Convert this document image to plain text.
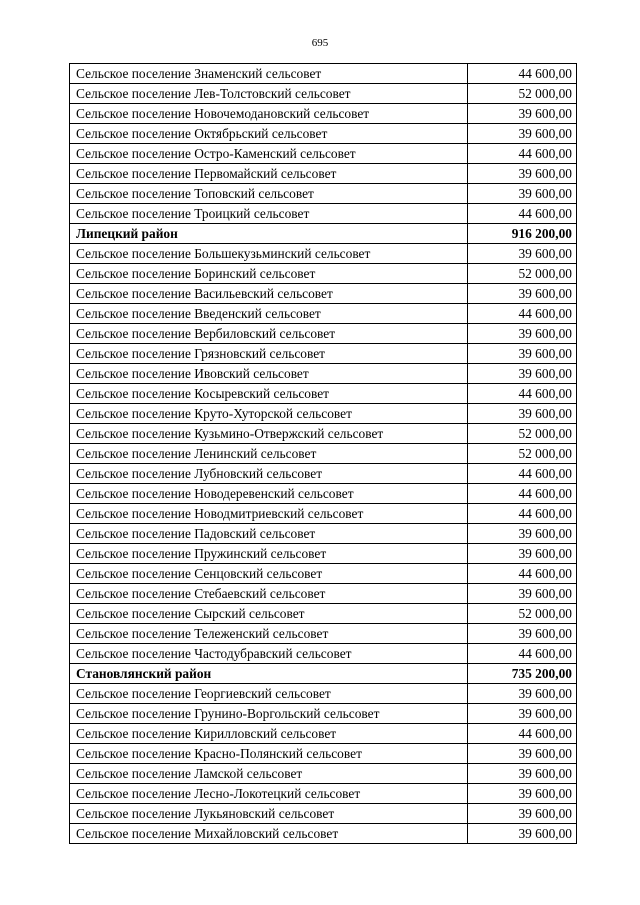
695
Сельское поселение Знаменский сельсовет	44 600,00
Сельское поселение Лев-Толстовский сельсовет	52 000,00
Сельское поселение Новочемодановский сельсовет	39 600,00
Сельское поселение Октябрьский сельсовет	39 600,00
Сельское поселение Остро-Каменский сельсовет	44 600,00
Сельское поселение Первомайский сельсовет	39 600,00
Сельское поселение Топовский сельсовет	39 600,00
Сельское поселение Троицкий сельсовет	44 600,00
Липецкий район	916 200,00
Сельское поселение Большекузьминский сельсовет	39 600,00
Сельское поселение Боринский сельсовет	52 000,00
Сельское поселение Васильевский сельсовет	39 600,00
Сельское поселение Введенский сельсовет	44 600,00
Сельское поселение Вербиловский сельсовет	39 600,00
Сельское поселение Грязновский сельсовет	39 600,00
Сельское поселение Ивовский сельсовет	39 600,00
Сельское поселение Косыревский сельсовет	44 600,00
Сельское поселение Круто-Хуторской сельсовет	39 600,00
Сельское поселение Кузьмино-Отвержский сельсовет	52 000,00
Сельское поселение Ленинский сельсовет	52 000,00
Сельское поселение Лубновский сельсовет	44 600,00
Сельское поселение Новодеревенский сельсовет	44 600,00
Сельское поселение Новодмитриевский сельсовет	44 600,00
Сельское поселение Падовский сельсовет	39 600,00
Сельское поселение Пружинский сельсовет	39 600,00
Сельское поселение Сенцовский сельсовет	44 600,00
Сельское поселение Стебаевский сельсовет	39 600,00
Сельское поселение Сырский сельсовет	52 000,00
Сельское поселение Тележенский сельсовет	39 600,00
Сельское поселение Частодубравский сельсовет	44 600,00
Становлянский район	735 200,00
Сельское поселение Георгиевский сельсовет	39 600,00
Сельское поселение Грунино-Воргольский сельсовет	39 600,00
Сельское поселение Кирилловский сельсовет	44 600,00
Сельское поселение Красно-Полянский сельсовет	39 600,00
Сельское поселение Ламской сельсовет	39 600,00
Сельское поселение Лесно-Локотецкий сельсовет	39 600,00
Сельское поселение Лукьяновский сельсовет	39 600,00
Сельское поселение Михайловский сельсовет	39 600,00
